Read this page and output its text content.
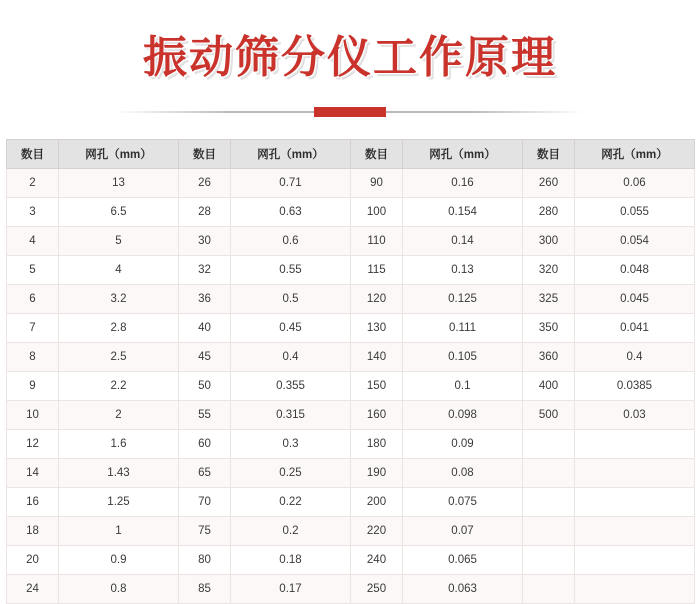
振动筛分仪工作原理
数目	网孔（mm）	数目	网孔（mm）	数目	网孔（mm）	数目	网孔（mm）
2	13	26	0.71	90	0.16	260	0.06
3	6.5	28	0.63	100	0.154	280	0.055
4	5	30	0.6	110	0.14	300	0.054
5	4	32	0.55	115	0.13	320	0.048
6	3.2	36	0.5	120	0.125	325	0.045
7	2.8	40	0.45	130	0.111	350	0.041
8	2.5	45	0.4	140	0.105	360	0.4
9	2.2	50	0.355	150	0.1	400	0.0385
10	2	55	0.315	160	0.098	500	0.03
12	1.6	60	0.3	180	0.09		
14	1.43	65	0.25	190	0.08		
16	1.25	70	0.22	200	0.075		
18	1	75	0.2	220	0.07		
20	0.9	80	0.18	240	0.065		
24	0.8	85	0.17	250	0.063		
